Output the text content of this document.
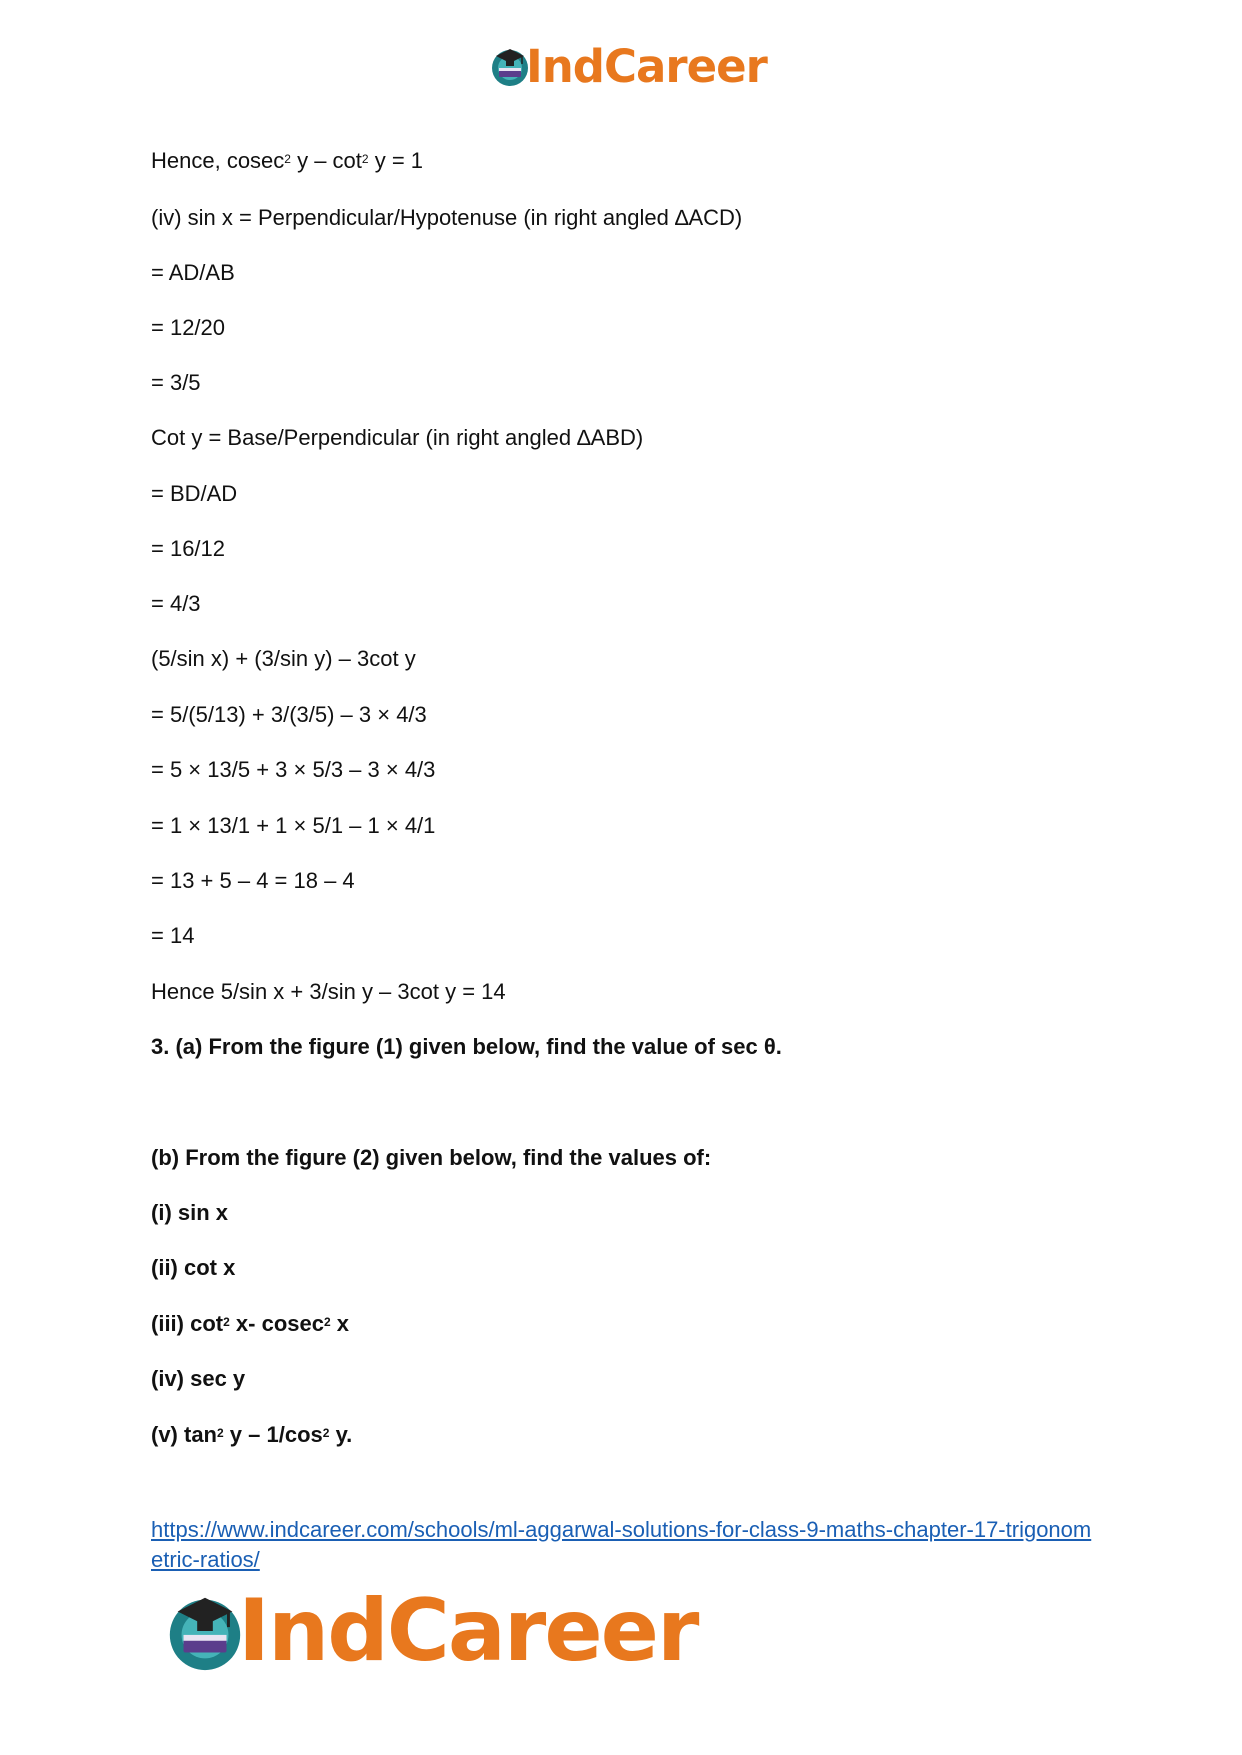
IndCareer
Hence, cosec$^2$ $y - \cot^2 y = 1$
(iv) sin x = Perpendicular/Hypotenuse (in right angled ∆ACD)
= AD/AB
= 12/20
= 3/5
Cot y = Base/Perpendicular (in right angled ∆ABD)
= BD/AD
= 16/12
= 4/3
(5/sin x) + (3/sin y) – 3cot y
= 5/(5/13) + 3/(3/5) – 3 × 4/3
= 5 × 13/5 + 3 × 5/3 – 3 × 4/3
= 1 × 13/1 + 1 × 5/1 – 1 × 4/1
= 13 + 5 – 4 = 18 – 4
= 14
Hence 5/sin x + 3/sin y – 3cot y = 14
3. (a) From the figure (1) given below, find the value of sec θ.
(b) From the figure (2) given below, find the values of:
(i) sin x
(ii) cot x
(iii) $\cot^2 x-$ cosec$^2$ x
(iv) sec y
(v) $\tan^2 y - 1/\cos^2$ y.
https://www.indcareer.com/schools/ml-aggarwal-solutions-for-class-9-maths-chapter-17-trigonometric-ratios/
IndCareer
